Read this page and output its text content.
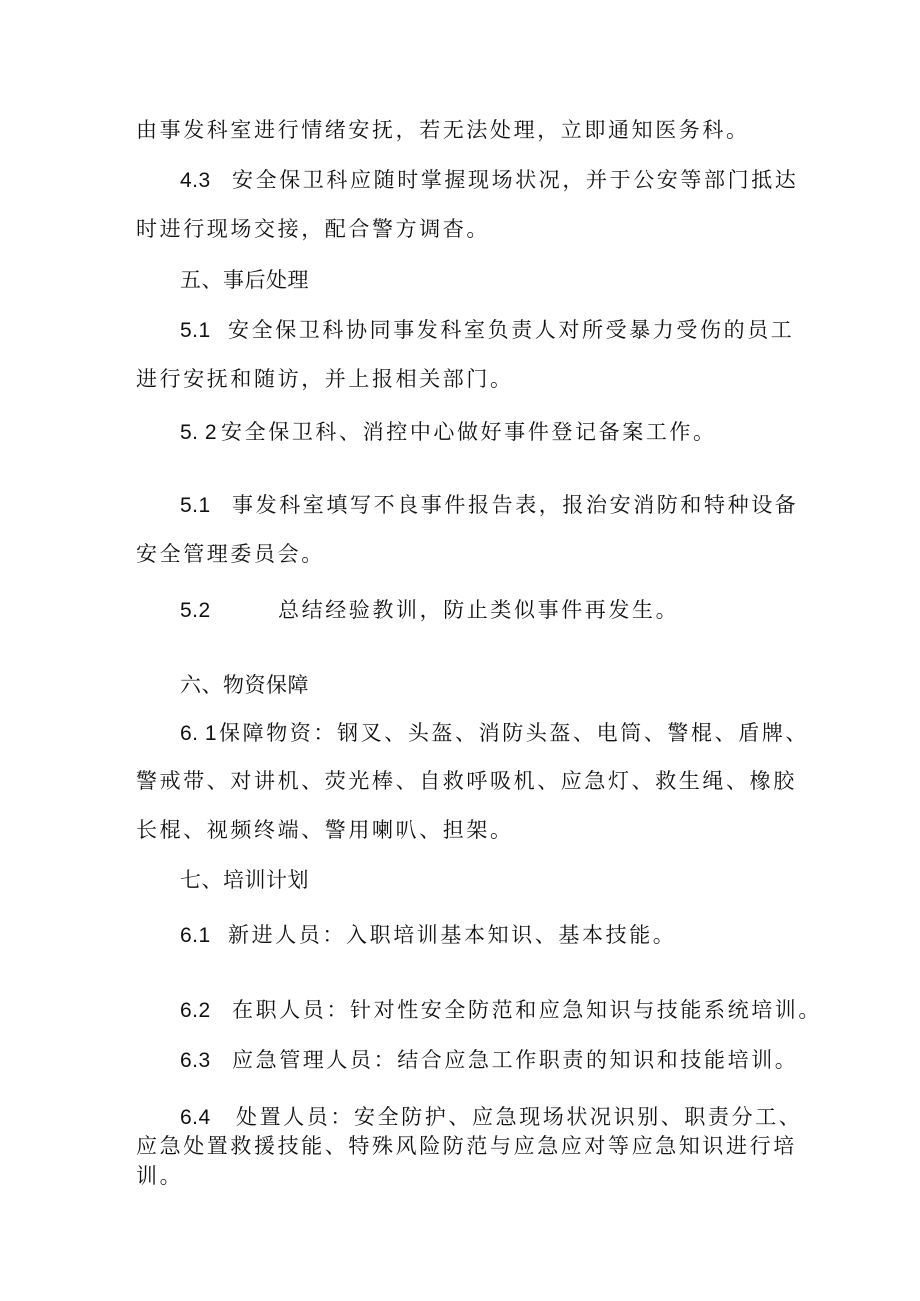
由事发科室进行情绪安抚，若无法处理，立即通知医务科。
4.3 安全保卫科应随时掌握现场状况，并于公安等部门抵达
时进行现场交接，配合警方调杳。
五、事后处理
5.1 安全保卫科协同事发科室负责人对所受暴力受伤的员工
进行安抚和随访，并上报相关部门。
5. 2 安全保卫科、消控中心做好事件登记备案工作。
5.1 事发科室填写不良事件报告表，报治安消防和特种设备
安全管理委员会。
5.2	总结经验教训，防止类似事件再发生。
六、物资保障
6. 1保障物资：钢叉、头盔、消防头盔、电筒、警棍、盾牌、
警戒带、对讲机、荧光棒、自救呼吸机、应急灯、救生绳、橡胶
长棍、视频终端、警用喇叭、担架。
七、培训计划
6.1 新进人员：入职培训基本知识、基本技能。
6.2 在职人员：针对性安全防范和应急知识与技能系统培训。
6.3 应急管理人员：结合应急工作职责的知识和技能培训。
6.4 处置人员：安全防护、应急现场状况识别、职责分工、
应急处置救援技能、特殊风险防范与应急应对等应急知识进行培
训。
